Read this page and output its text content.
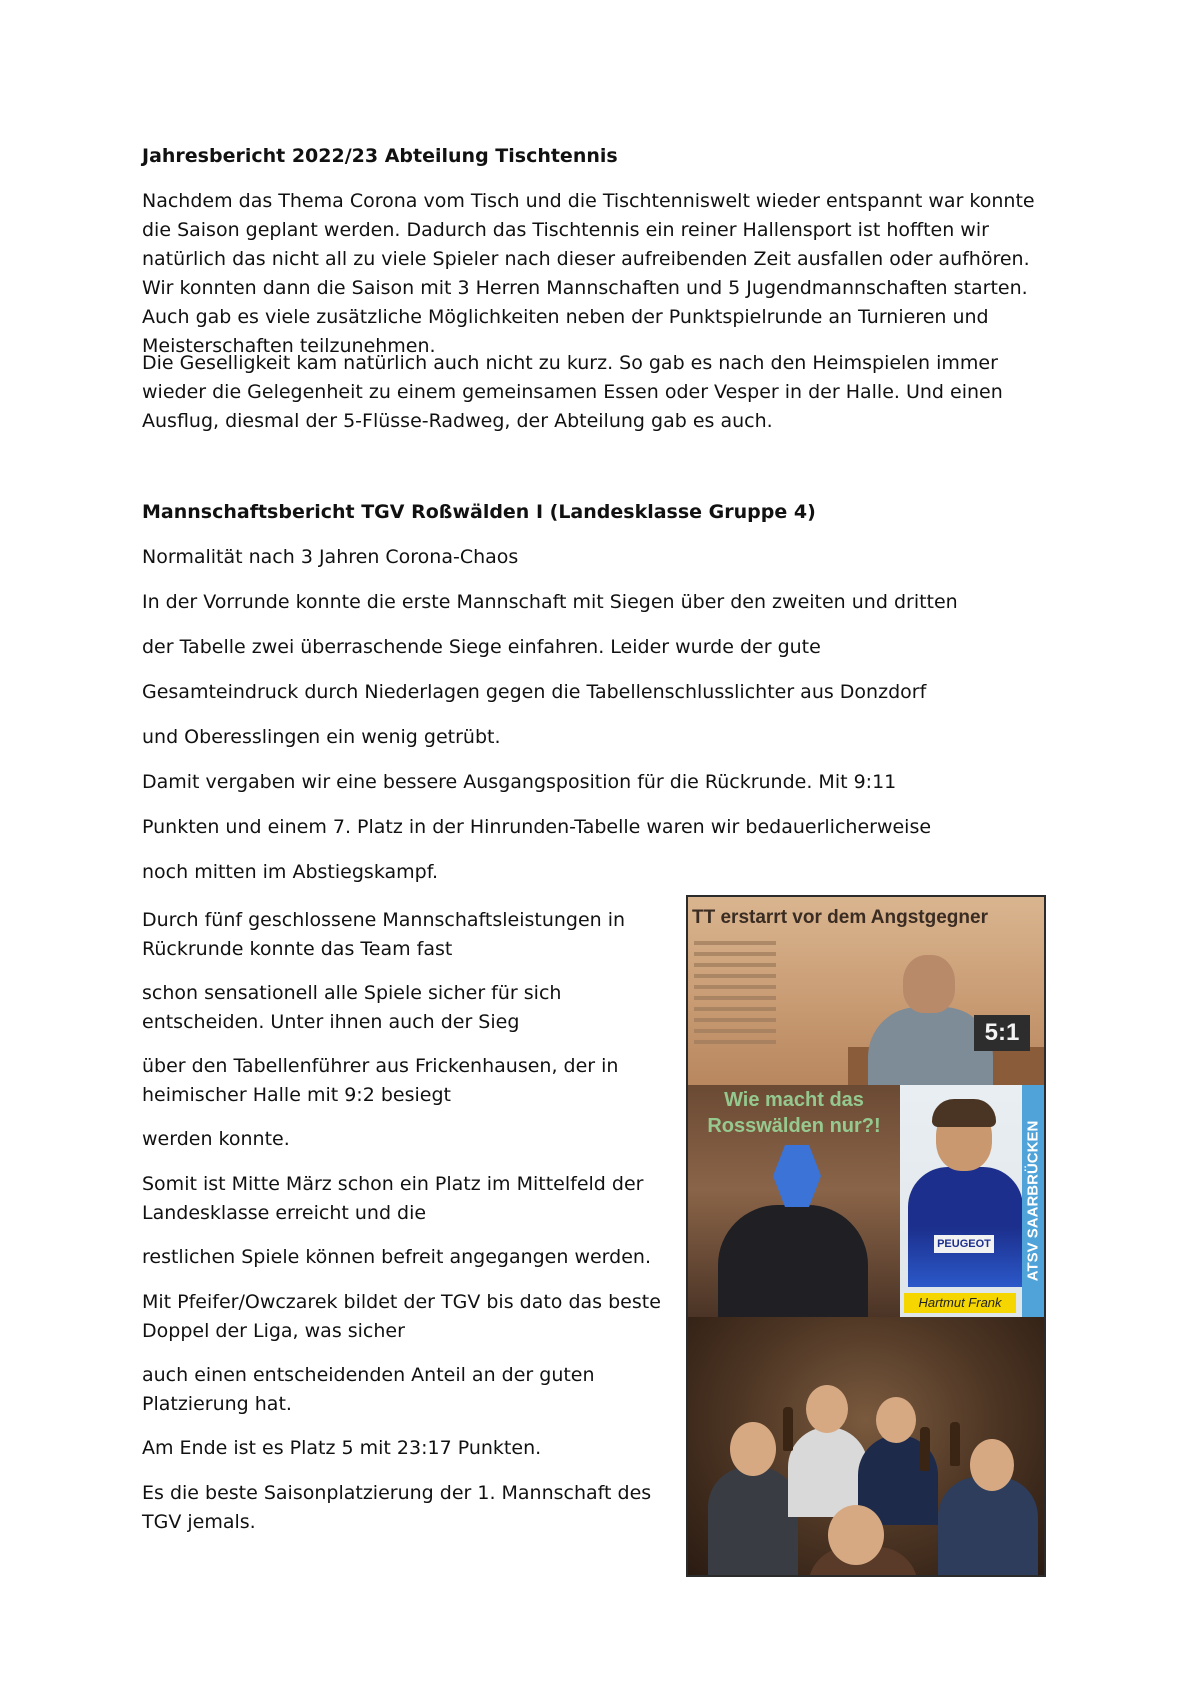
Jahresbericht 2022/23 Abteilung Tischtennis

Nachdem das Thema Corona vom Tisch und die Tischtenniswelt wieder entspannt war konnte die Saison geplant werden. Dadurch das Tischtennis ein reiner Hallensport ist hofften wir natürlich das nicht all zu viele Spieler nach dieser aufreibenden Zeit ausfallen oder aufhören. Wir konnten dann die Saison mit 3 Herren Mannschaften und 5 Jugendmannschaften starten. Auch gab es viele zusätzliche Möglichkeiten neben der Punktspielrunde an Turnieren und Meisterschaften teilzunehmen.

Die Geselligkeit kam natürlich auch nicht zu kurz. So gab es nach den Heimspielen immer wieder die Gelegenheit zu einem gemeinsamen Essen oder Vesper in der Halle. Und einen Ausflug, diesmal der 5-Flüsse-Radweg, der Abteilung gab es auch.

Mannschaftsbericht TGV Roßwälden I (Landesklasse Gruppe 4)

Normalität nach 3 Jahren Corona-Chaos

In der Vorrunde konnte die erste Mannschaft mit Siegen über den zweiten und dritten

der Tabelle zwei überraschende Siege einfahren. Leider wurde der gute

Gesamteindruck durch Niederlagen gegen die Tabellenschlusslichter aus Donzdorf

und Oberesslingen ein wenig getrübt.

Damit vergaben wir eine bessere Ausgangsposition für die Rückrunde. Mit 9:11

Punkten und einem 7. Platz in der Hinrunden-Tabelle waren wir bedauerlicherweise

noch mitten im Abstiegskampf.

Durch fünf geschlossene Mannschaftsleistungen in Rückrunde konnte das Team fast

schon sensationell alle Spiele sicher für sich entscheiden. Unter ihnen auch der Sieg

über den Tabellenführer aus Frickenhausen, der in heimischer Halle mit 9:2 besiegt

werden konnte.

Somit ist Mitte März schon ein Platz im Mittelfeld der Landesklasse erreicht und die

restlichen Spiele können befreit angegangen werden.

Mit Pfeifer/Owczarek bildet der TGV bis dato das beste Doppel der Liga, was sicher

auch einen entscheidenden Anteil an der guten Platzierung hat.

Am Ende ist es Platz 5 mit 23:17 Punkten.

Es die beste Saisonplatzierung der 1. Mannschaft des TGV jemals.

TT erstarrt vor dem Angstgegner
5:1
Wie macht das Rosswälden nur?!
PEUGEOT ATSV SAARBRÜCKEN
Hartmut Frank
